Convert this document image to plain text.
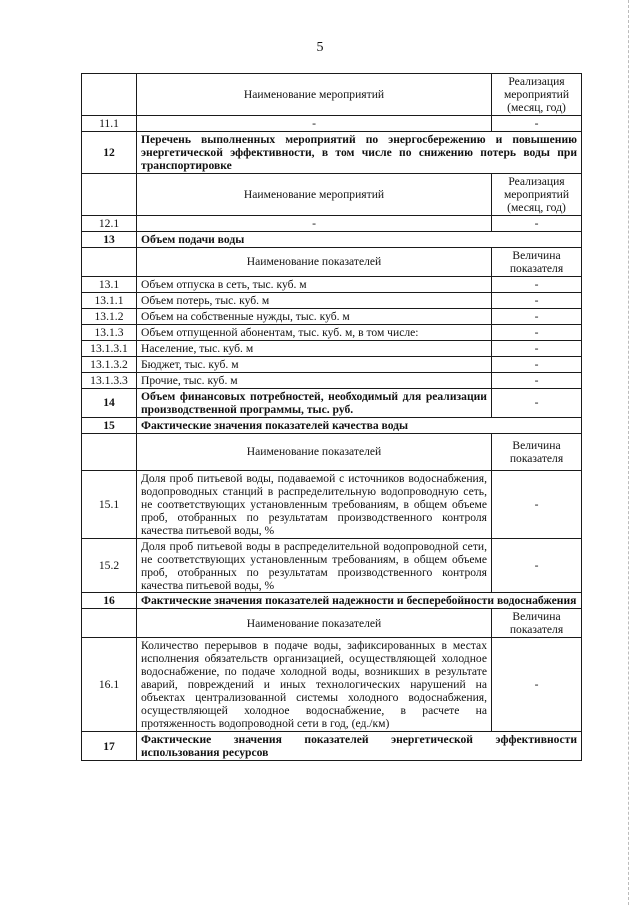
5
	Наименование мероприятий	Реализация мероприятий (месяц, год)
11.1	-	-
12	Перечень выполненных мероприятий по энергосбережению и повышению энергетической эффективности, в том числе по снижению потерь воды при транспортировке	
	Наименование мероприятий	Реализация мероприятий (месяц, год)
12.1	-	-
13	Объем подачи воды	
	Наименование показателей	Величина показателя
13.1	Объем отпуска в сеть, тыс. куб. м	-
13.1.1	Объем потерь, тыс. куб. м	-
13.1.2	Объем на собственные нужды, тыс. куб. м	-
13.1.3	Объем отпущенной абонентам, тыс. куб. м, в том числе:	-
13.1.3.1	Население, тыс. куб. м	-
13.1.3.2	Бюджет, тыс. куб. м	-
13.1.3.3	Прочие, тыс. куб. м	-
14	Объем финансовых потребностей, необходимый для реализации производственной программы, тыс. руб.	-
15	Фактические значения показателей качества воды	
	Наименование показателей	Величина показателя
15.1	Доля проб питьевой воды, подаваемой с источников водоснабжения, водопроводных станций в распределительную водопроводную сеть, не соответствующих установленным требованиям, в общем объеме проб, отобранных по результатам производственного контроля качества питьевой воды, %	-
15.2	Доля проб питьевой воды в распределительной водопроводной сети, не соответствующих установленным требованиям, в общем объеме проб, отобранных по результатам производственного контроля качества питьевой воды, %	-
16	Фактические значения показателей надежности и бесперебойности водоснабжения	
	Наименование показателей	Величина показателя
16.1	Количество перерывов в подаче воды, зафиксированных в местах исполнения обязательств организацией, осуществляющей холодное водоснабжение, по подаче холодной воды, возникших в результате аварий, повреждений и иных технологических нарушений на объектах централизованной системы холодного водоснабжения, осуществляющей холодное водоснабжение, в расчете на протяженность водопроводной сети в год, (ед./км)	-
17	Фактические значения показателей энергетической эффективности использования ресурсов	
